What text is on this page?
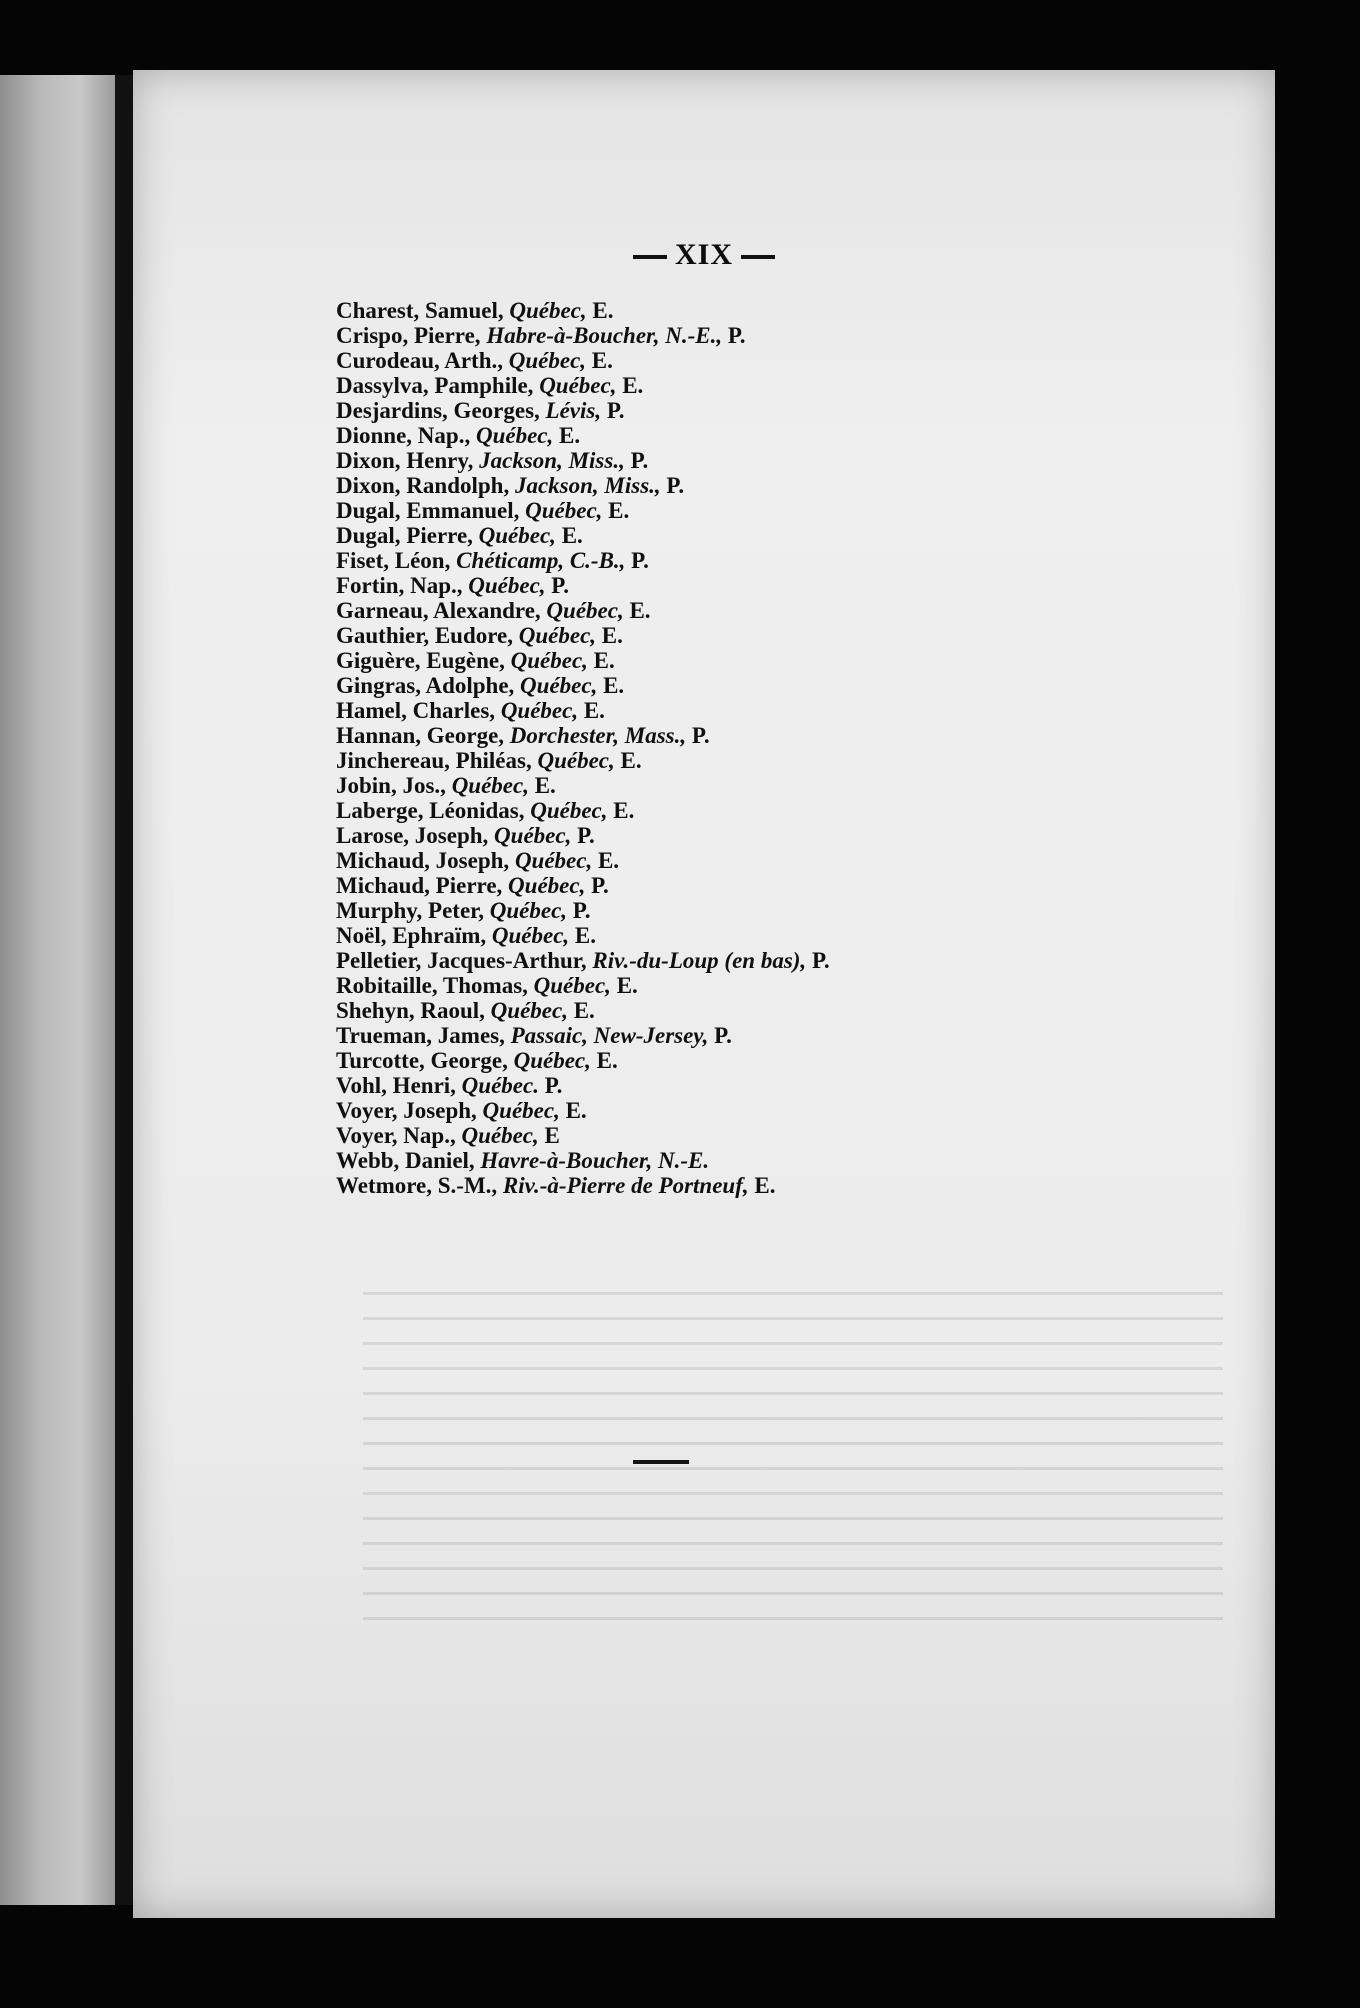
XIX
Charest, Samuel, Québec, E.
Crispo, Pierre, Habre-à-Boucher, N.-E., P.
Curodeau, Arth., Québec, E.
Dassylva, Pamphile, Québec, E.
Desjardins, Georges, Lévis, P.
Dionne, Nap., Québec, E.
Dixon, Henry, Jackson, Miss., P.
Dixon, Randolph, Jackson, Miss., P.
Dugal, Emmanuel, Québec, E.
Dugal, Pierre, Québec, E.
Fiset, Léon, Chéticamp, C.-B., P.
Fortin, Nap., Québec, P.
Garneau, Alexandre, Québec, E.
Gauthier, Eudore, Québec, E.
Giguère, Eugène, Québec, E.
Gingras, Adolphe, Québec, E.
Hamel, Charles, Québec, E.
Hannan, George, Dorchester, Mass., P.
Jinchereau, Philéas, Québec, E.
Jobin, Jos., Québec, E.
Laberge, Léonidas, Québec, E.
Larose, Joseph, Québec, P.
Michaud, Joseph, Québec, E.
Michaud, Pierre, Québec, P.
Murphy, Peter, Québec, P.
Noël, Ephraïm, Québec, E.
Pelletier, Jacques-Arthur, Riv.-du-Loup (en bas), P.
Robitaille, Thomas, Québec, E.
Shehyn, Raoul, Québec, E.
Trueman, James, Passaic, New-Jersey, P.
Turcotte, George, Québec, E.
Vohl, Henri, Québec. P.
Voyer, Joseph, Québec, E.
Voyer, Nap., Québec, E
Webb, Daniel, Havre-à-Boucher, N.-E.
Wetmore, S.-M., Riv.-à-Pierre de Portneuf, E.
